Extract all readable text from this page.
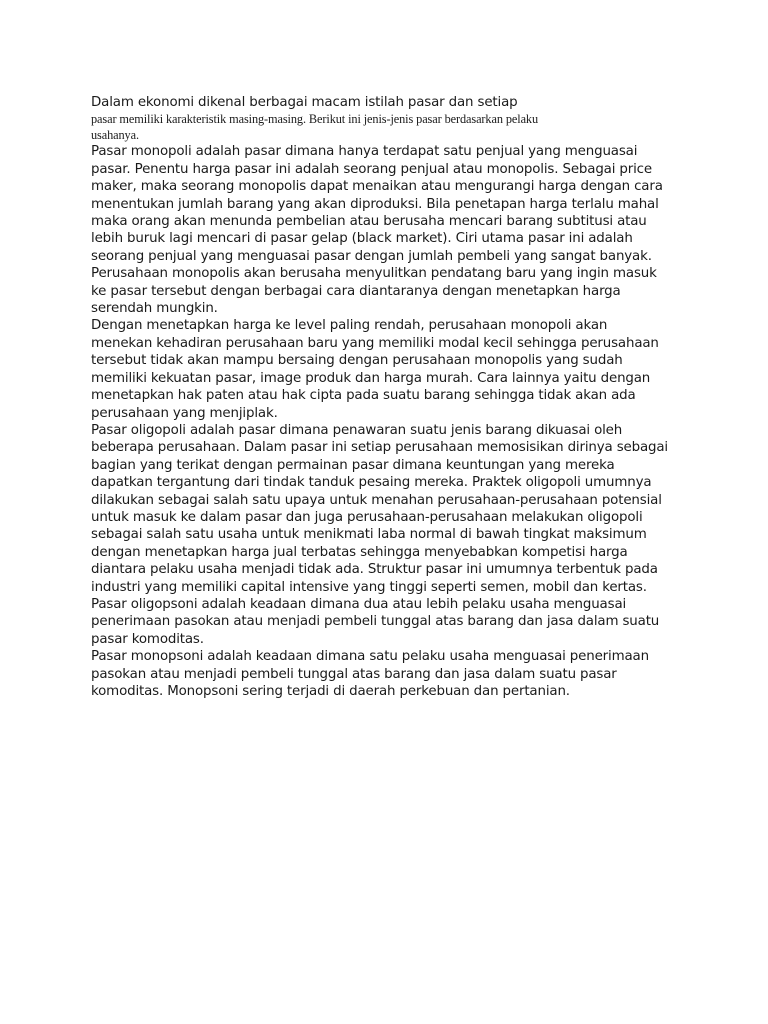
Dalam ekonomi dikenal berbagai macam istilah pasar dan setiap
pasar memiliki karakteristik masing-masing. Berikut ini jenis-jenis pasar berdasarkan pelaku
usahanya.
Pasar monopoli adalah pasar dimana hanya terdapat satu penjual yang menguasai
pasar. Penentu harga pasar ini adalah seorang penjual atau monopolis. Sebagai price
maker, maka seorang monopolis dapat menaikan atau mengurangi harga dengan cara
menentukan jumlah barang yang akan diproduksi. Bila penetapan harga terlalu mahal
maka orang akan menunda pembelian atau berusaha mencari barang subtitusi atau
lebih buruk lagi mencari di pasar gelap (black market). Ciri utama pasar ini adalah
seorang penjual yang menguasai pasar dengan jumlah pembeli yang sangat banyak.
Perusahaan monopolis akan berusaha menyulitkan pendatang baru yang ingin masuk
ke pasar tersebut dengan berbagai cara diantaranya dengan menetapkan harga
serendah mungkin.
Dengan menetapkan harga ke level paling rendah, perusahaan monopoli akan
menekan kehadiran perusahaan baru yang memiliki modal kecil sehingga perusahaan
tersebut tidak akan mampu bersaing dengan perusahaan monopolis yang sudah
memiliki kekuatan pasar, image produk dan harga murah. Cara lainnya yaitu dengan
menetapkan hak paten atau hak cipta pada suatu barang sehingga tidak akan ada
perusahaan yang menjiplak.
Pasar oligopoli adalah pasar dimana penawaran suatu jenis barang dikuasai oleh
beberapa perusahaan. Dalam pasar ini setiap perusahaan memosisikan dirinya sebagai
bagian yang terikat dengan permainan pasar dimana keuntungan yang mereka
dapatkan tergantung dari tindak tanduk pesaing mereka. Praktek oligopoli umumnya
dilakukan sebagai salah satu upaya untuk menahan perusahaan-perusahaan potensial
untuk masuk ke dalam pasar dan juga perusahaan-perusahaan melakukan oligopoli
sebagai salah satu usaha untuk menikmati laba normal di bawah tingkat maksimum
dengan menetapkan harga jual terbatas sehingga menyebabkan kompetisi harga
diantara pelaku usaha menjadi tidak ada. Struktur pasar ini umumnya terbentuk pada
industri yang memiliki capital intensive yang tinggi seperti semen, mobil dan kertas.
Pasar oligopsoni adalah keadaan dimana dua atau lebih pelaku usaha menguasai
penerimaan pasokan atau menjadi pembeli tunggal atas barang dan jasa dalam suatu
pasar komoditas.
Pasar monopsoni adalah keadaan dimana satu pelaku usaha menguasai penerimaan
pasokan atau menjadi pembeli tunggal atas barang dan jasa dalam suatu pasar
komoditas. Monopsoni sering terjadi di daerah perkebuan dan pertanian.
